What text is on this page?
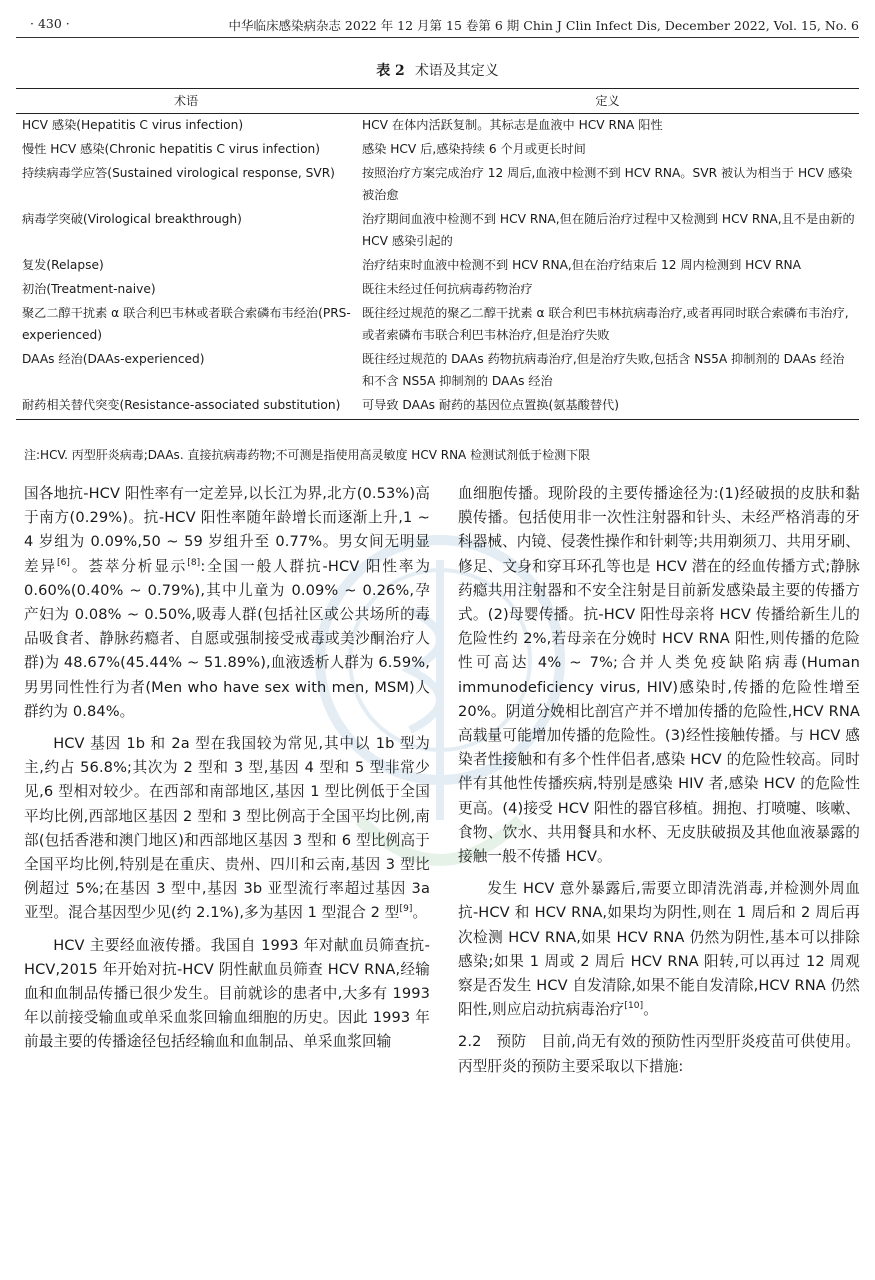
· 430 ·	中华临床感染病杂志 2022 年 12 月第 15 卷第 6 期 Chin J Clin Infect Dis, December 2022, Vol. 15, No. 6
表 2 术语及其定义
术语	定义
HCV 感染(Hepatitis C virus infection)	HCV 在体内活跃复制。其标志是血液中 HCV RNA 阳性
慢性 HCV 感染(Chronic hepatitis C virus infection)	感染 HCV 后,感染持续 6 个月或更长时间
持续病毒学应答(Sustained virological response, SVR)	按照治疗方案完成治疗 12 周后,血液中检测不到 HCV RNA。SVR 被认为相当于 HCV 感染被治愈
病毒学突破(Virological breakthrough)	治疗期间血液中检测不到 HCV RNA,但在随后治疗过程中又检测到 HCV RNA,且不是由新的 HCV 感染引起的
复发(Relapse)	治疗结束时血液中检测不到 HCV RNA,但在治疗结束后 12 周内检测到 HCV RNA
初治(Treatment-naive)	既往未经过任何抗病毒药物治疗
聚乙二醇干扰素 α 联合利巴韦林或者联合索磷布韦经治(PRS-experienced)	既往经过规范的聚乙二醇干扰素 α 联合利巴韦林抗病毒治疗,或者再同时联合索磷布韦治疗,或者索磷布韦联合利巴韦林治疗,但是治疗失败
DAAs 经治(DAAs-experienced)	既往经过规范的 DAAs 药物抗病毒治疗,但是治疗失败,包括含 NS5A 抑制剂的 DAAs 经治和不含 NS5A 抑制剂的 DAAs 经治
耐药相关替代突变(Resistance-associated substitution)	可导致 DAAs 耐药的基因位点置换(氨基酸替代)
注:HCV. 丙型肝炎病毒;DAAs. 直接抗病毒药物;不可测是指使用高灵敏度 HCV RNA 检测试剂低于检测下限

国各地抗-HCV 阳性率有一定差异,以长江为界,北方(0.53%)高于南方(0.29%)。抗-HCV 阳性率随年龄增长而逐渐上升,1 ~ 4 岁组为 0.09%,50 ~ 59 岁组升至 0.77%。男女间无明显差异[6]。荟萃分析显示[8]:全国一般人群抗-HCV 阳性率为 0.60%(0.40% ~ 0.79%),其中儿童为 0.09% ~ 0.26%,孕产妇为 0.08% ~ 0.50%,吸毒人群(包括社区或公共场所的毒品吸食者、静脉药瘾者、自愿或强制接受戒毒或美沙酮治疗人群)为 48.67%(45.44% ~ 51.89%),血液透析人群为 6.59%,男男同性性行为者(Men who have sex with men, MSM)人群约为 0.84%。

HCV 基因 1b 和 2a 型在我国较为常见,其中以 1b 型为主,约占 56.8%;其次为 2 型和 3 型,基因 4 型和 5 型非常少见,6 型相对较少。在西部和南部地区,基因 1 型比例低于全国平均比例,西部地区基因 2 型和 3 型比例高于全国平均比例,南部(包括香港和澳门地区)和西部地区基因 3 型和 6 型比例高于全国平均比例,特别是在重庆、贵州、四川和云南,基因 3 型比例超过 5%;在基因 3 型中,基因 3b 亚型流行率超过基因 3a 亚型。混合基因型少见(约 2.1%),多为基因 1 型混合 2 型[9]。

HCV 主要经血液传播。我国自 1993 年对献血员筛查抗-HCV,2015 年开始对抗-HCV 阴性献血员筛查 HCV RNA,经输血和血制品传播已很少发生。目前就诊的患者中,大多有 1993 年以前接受输血或单采血浆回输血细胞的历史。因此 1993 年前最主要的传播途径包括经输血和血制品、单采血浆回输

血细胞传播。现阶段的主要传播途径为:(1)经破损的皮肤和黏膜传播。包括使用非一次性注射器和针头、未经严格消毒的牙科器械、内镜、侵袭性操作和针刺等;共用剃须刀、共用牙刷、修足、文身和穿耳环孔等也是 HCV 潜在的经血传播方式;静脉药瘾共用注射器和不安全注射是目前新发感染最主要的传播方式。(2)母婴传播。抗-HCV 阳性母亲将 HCV 传播给新生儿的危险性约 2%,若母亲在分娩时 HCV RNA 阳性,则传播的危险性可高达 4% ~ 7%;合并人类免疫缺陷病毒(Human immunodeficiency virus, HIV)感染时,传播的危险性增至 20%。阴道分娩相比剖宫产并不增加传播的危险性,HCV RNA 高载量可能增加传播的危险性。(3)经性接触传播。与 HCV 感染者性接触和有多个性伴侣者,感染 HCV 的危险性较高。同时伴有其他性传播疾病,特别是感染 HIV 者,感染 HCV 的危险性更高。(4)接受 HCV 阳性的器官移植。拥抱、打喷嚏、咳嗽、食物、饮水、共用餐具和水杯、无皮肤破损及其他血液暴露的接触一般不传播 HCV。

发生 HCV 意外暴露后,需要立即清洗消毒,并检测外周血抗-HCV 和 HCV RNA,如果均为阴性,则在 1 周后和 2 周后再次检测 HCV RNA,如果 HCV RNA 仍然为阴性,基本可以排除感染;如果 1 周或 2 周后 HCV RNA 阳转,可以再过 12 周观察是否发生 HCV 自发清除,如果不能自发清除,HCV RNA 仍然阳性,则应启动抗病毒治疗[10]。

2.2 预防 目前,尚无有效的预防性丙型肝炎疫苗可供使用。丙型肝炎的预防主要采取以下措施:
